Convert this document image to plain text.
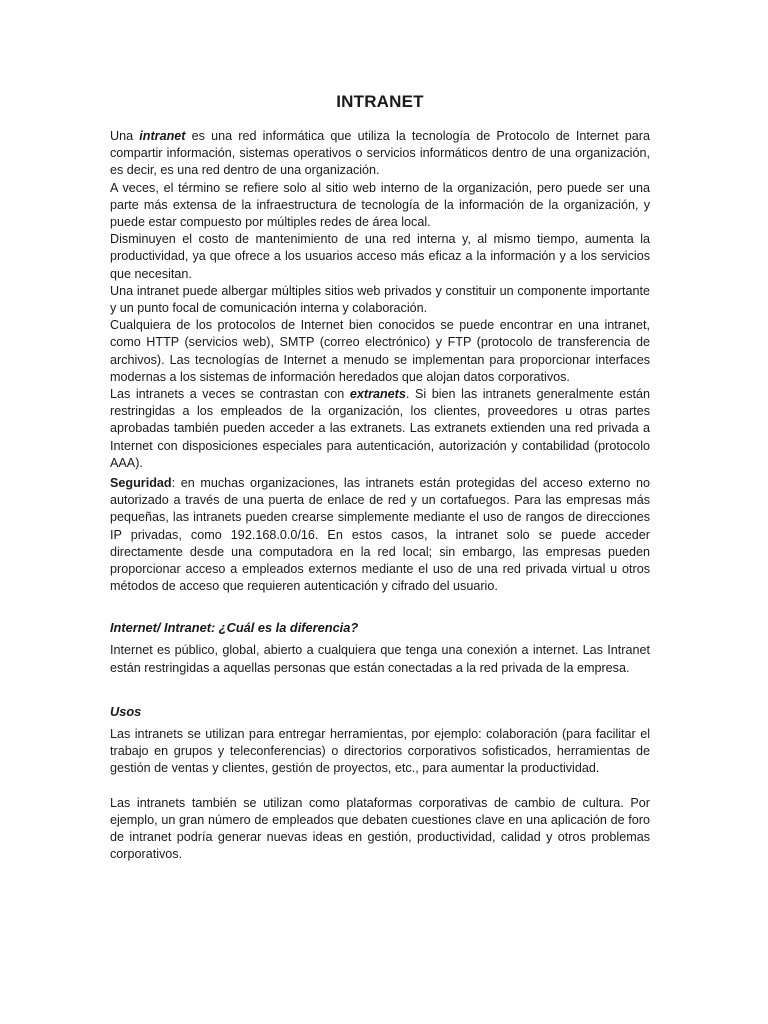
INTRANET

Una intranet es una red informática que utiliza la tecnología de Protocolo de Internet para compartir información, sistemas operativos o servicios informáticos dentro de una organización, es decir, es una red dentro de una organización.

A veces, el término se refiere solo al sitio web interno de la organización, pero puede ser una parte más extensa de la infraestructura de tecnología de la información de la organización, y puede estar compuesto por múltiples redes de área local.

Disminuyen el costo de mantenimiento de una red interna y, al mismo tiempo, aumenta la productividad, ya que ofrece a los usuarios acceso más eficaz a la información y a los servicios que necesitan.

Una intranet puede albergar múltiples sitios web privados y constituir un componente importante y un punto focal de comunicación interna y colaboración.

Cualquiera de los protocolos de Internet bien conocidos se puede encontrar en una intranet, como HTTP (servicios web), SMTP (correo electrónico) y FTP (protocolo de transferencia de archivos). Las tecnologías de Internet a menudo se implementan para proporcionar interfaces modernas a los sistemas de información heredados que alojan datos corporativos.

Las intranets a veces se contrastan con extranets. Si bien las intranets generalmente están restringidas a los empleados de la organización, los clientes, proveedores u otras partes aprobadas también pueden acceder a las extranets. Las extranets extienden una red privada a Internet con disposiciones especiales para autenticación, autorización y contabilidad (protocolo AAA).

Seguridad: en muchas organizaciones, las intranets están protegidas del acceso externo no autorizado a través de una puerta de enlace de red y un cortafuegos. Para las empresas más pequeñas, las intranets pueden crearse simplemente mediante el uso de rangos de direcciones IP privadas, como 192.168.0.0/16. En estos casos, la intranet solo se puede acceder directamente desde una computadora en la red local; sin embargo, las empresas pueden proporcionar acceso a empleados externos mediante el uso de una red privada virtual u otros métodos de acceso que requieren autenticación y cifrado del usuario.

Internet/ Intranet: ¿Cuál es la diferencia?

Internet es público, global, abierto a cualquiera que tenga una conexión a internet. Las Intranet están restringidas a aquellas personas que están conectadas a la red privada de la empresa.

Usos

Las intranets se utilizan para entregar herramientas, por ejemplo: colaboración (para facilitar el trabajo en grupos y teleconferencias) o directorios corporativos sofisticados, herramientas de gestión de ventas y clientes, gestión de proyectos, etc., para aumentar la productividad.

Las intranets también se utilizan como plataformas corporativas de cambio de cultura. Por ejemplo, un gran número de empleados que debaten cuestiones clave en una aplicación de foro de intranet podría generar nuevas ideas en gestión, productividad, calidad y otros problemas corporativos.
